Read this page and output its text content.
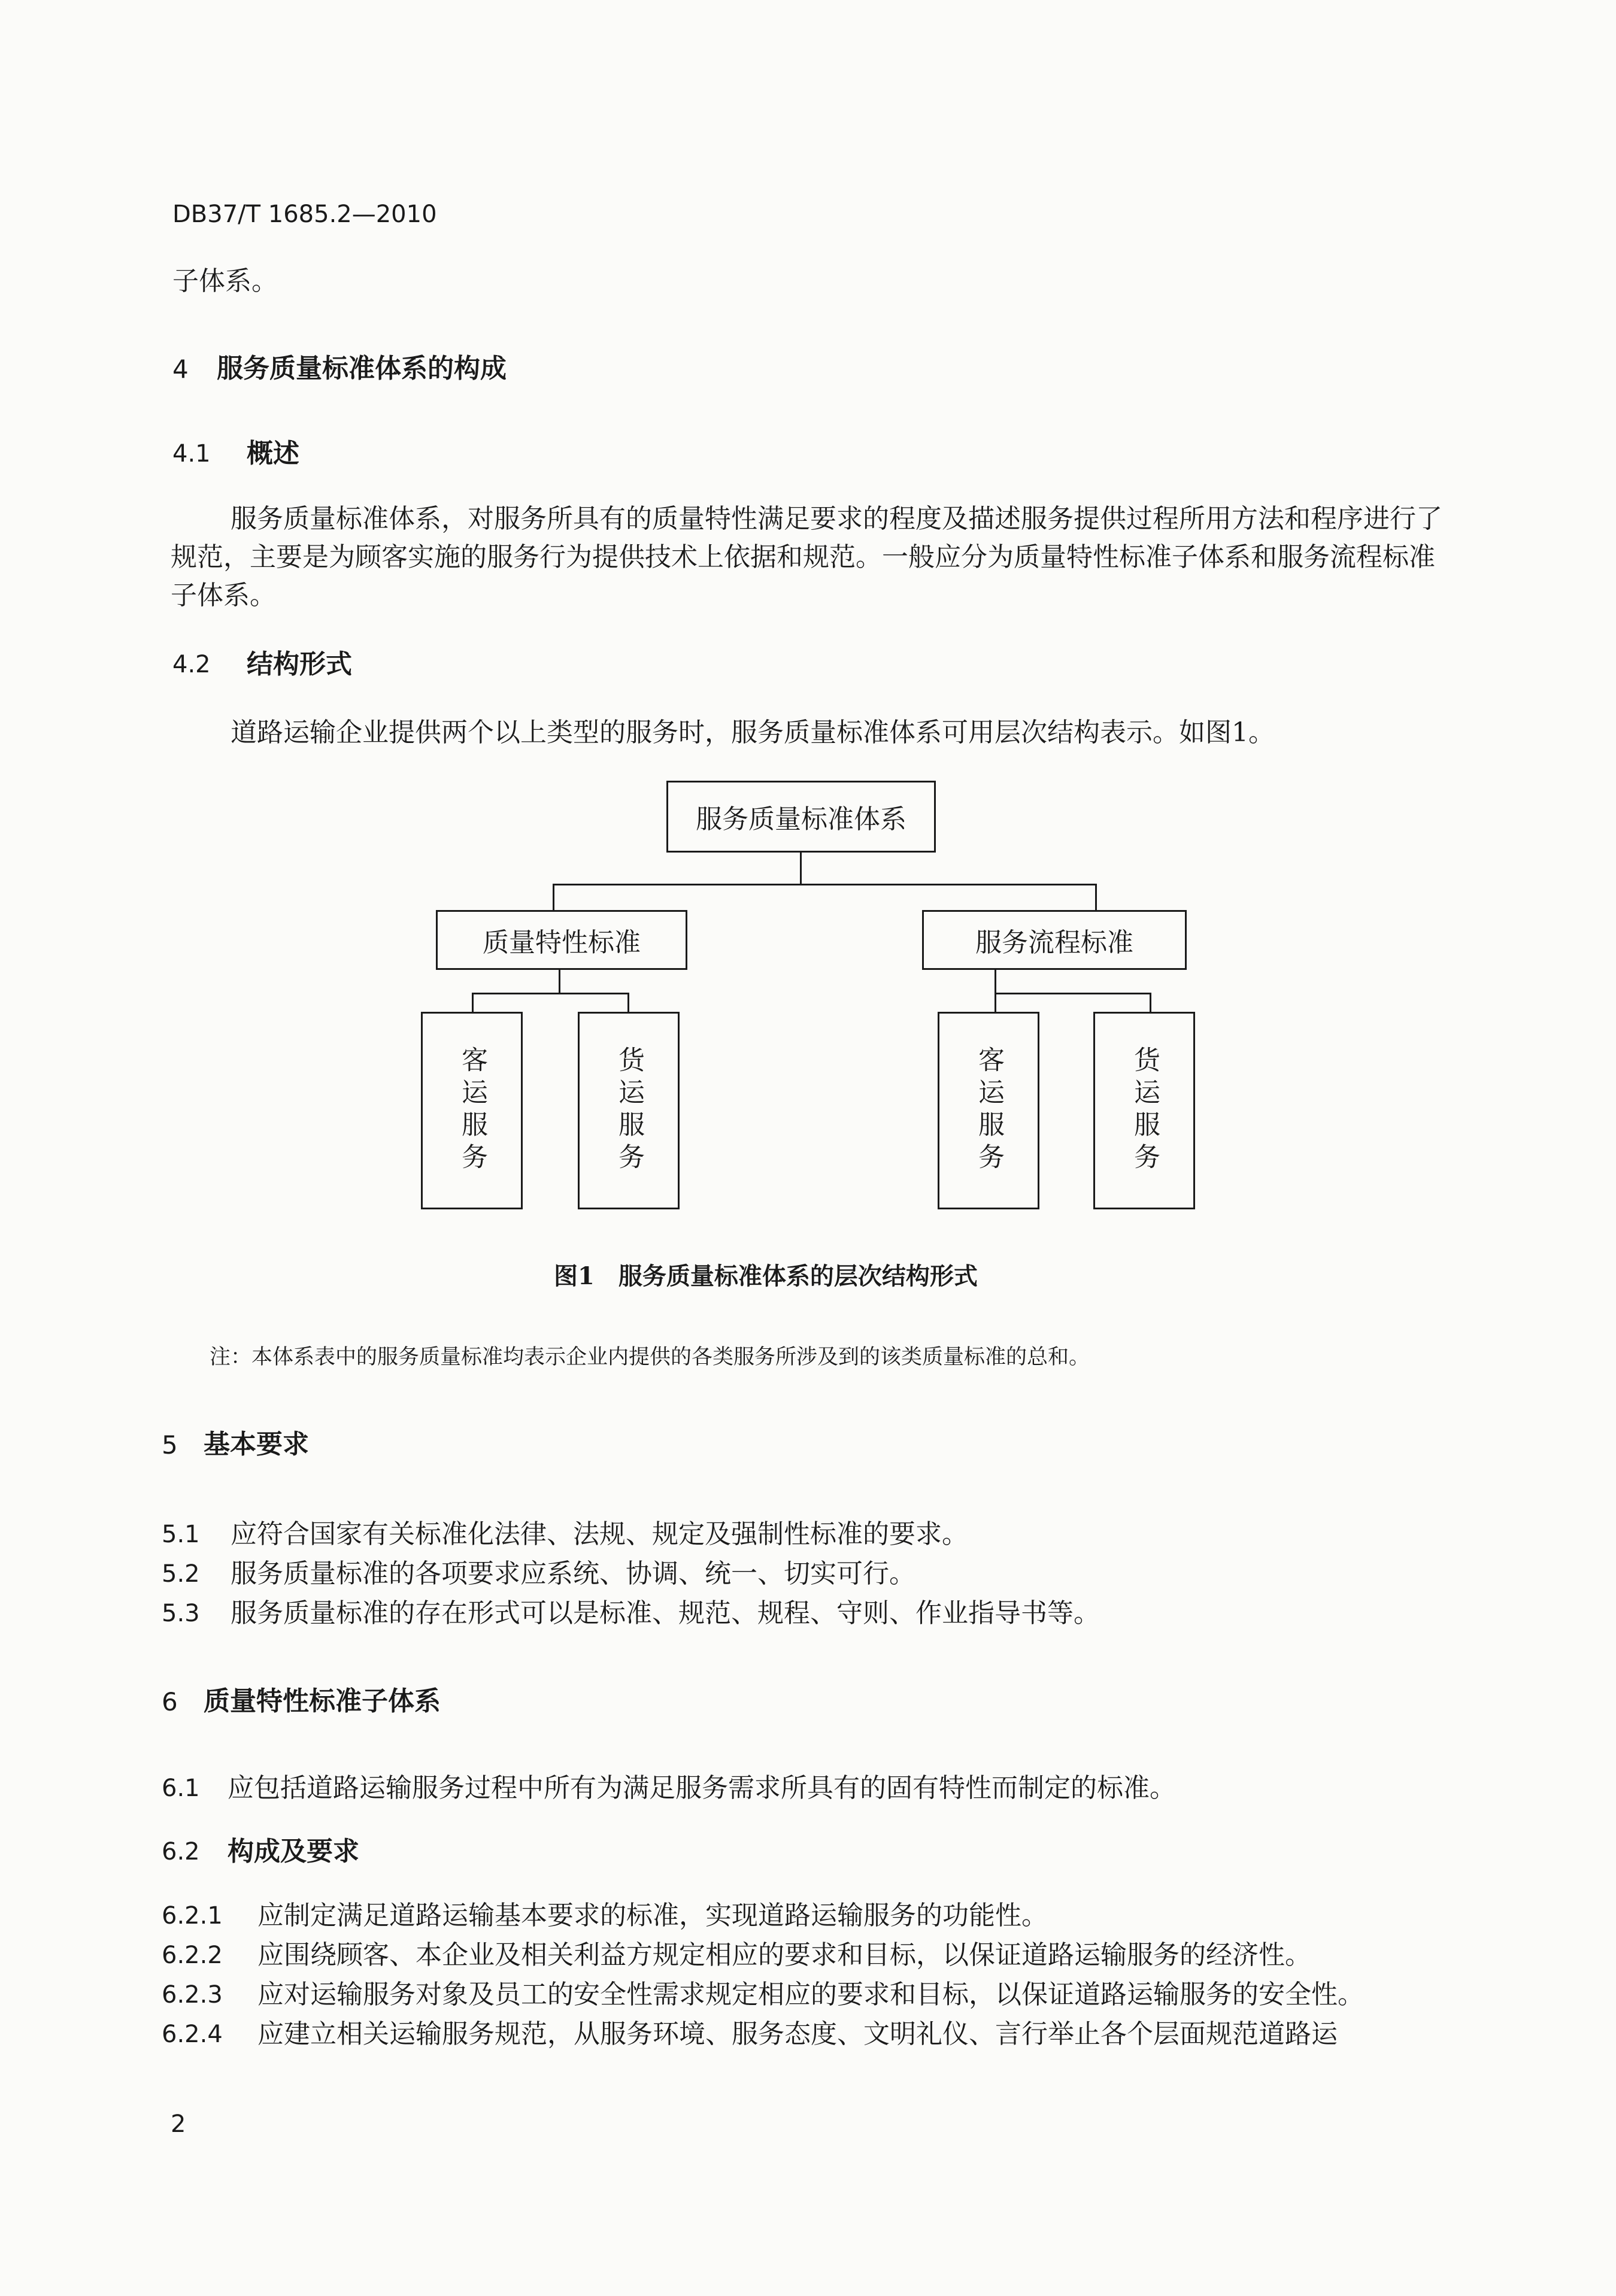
DB37/T 1685.2—2010
子体系。
4 服务质量标准体系的构成
4.1 概述
服务质量标准体系，对服务所具有的质量特性满足要求的程度及描述服务提供过程所用方法和程序进行了规范，主要是为顾客实施的服务行为提供技术上依据和规范。一般应分为质量特性标准子体系和服务流程标准子体系。
4.2 结构形式
道路运输企业提供两个以上类型的服务时，服务质量标准体系可用层次结构表示。如图1。
服务质量标准体系
质量特性标准	服务流程标准
客运服务	货运服务	客运服务	货运服务
图1　服务质量标准体系的层次结构形式
注：本体系表中的服务质量标准均表示企业内提供的各类服务所涉及到的该类质量标准的总和。
5 基本要求
5.1 应符合国家有关标准化法律、法规、规定及强制性标准的要求。
5.2 服务质量标准的各项要求应系统、协调、统一、切实可行。
5.3 服务质量标准的存在形式可以是标准、规范、规程、守则、作业指导书等。
6 质量特性标准子体系
6.1 应包括道路运输服务过程中所有为满足服务需求所具有的固有特性而制定的标准。
6.2 构成及要求
6.2.1 应制定满足道路运输基本要求的标准，实现道路运输服务的功能性。
6.2.2 应围绕顾客、本企业及相关利益方规定相应的要求和目标，以保证道路运输服务的经济性。
6.2.3 应对运输服务对象及员工的安全性需求规定相应的要求和目标，以保证道路运输服务的安全性。
6.2.4 应建立相关运输服务规范，从服务环境、服务态度、文明礼仪、言行举止各个层面规范道路运
2
